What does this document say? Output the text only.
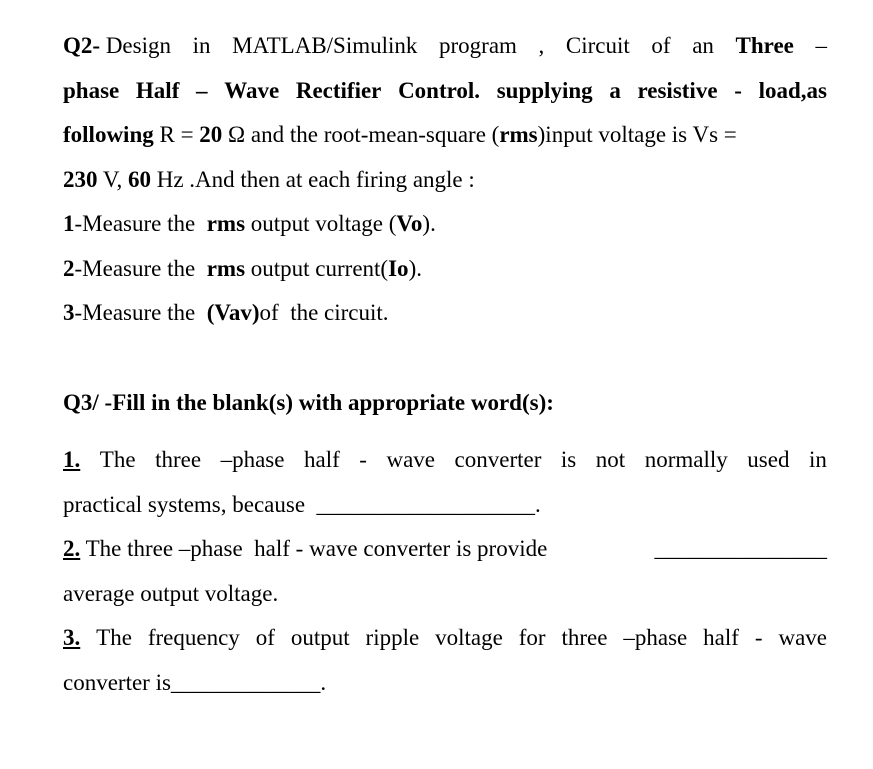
Q2- Design in MATLAB/Simulink program , Circuit of an Three –
phase Half – Wave Rectifier Control. supplying a resistive - load,as
following R = 20 Ω and the root-mean-square (rms)input voltage is Vs =
230 V, 60 Hz .And then at each firing angle :
1-Measure the  rms output voltage (Vo).
2-Measure the  rms output current(Io).
3-Measure the  (Vav)of  the circuit.
Q3/ -Fill in the blank(s) with appropriate word(s):
1. The three –phase half - wave converter is not normally used in
practical systems, because  ___________________.
2. The three –phase  half - wave converter is provide	_______________
average output voltage.
3. The frequency of output ripple voltage for three –phase half - wave
converter is_____________.
